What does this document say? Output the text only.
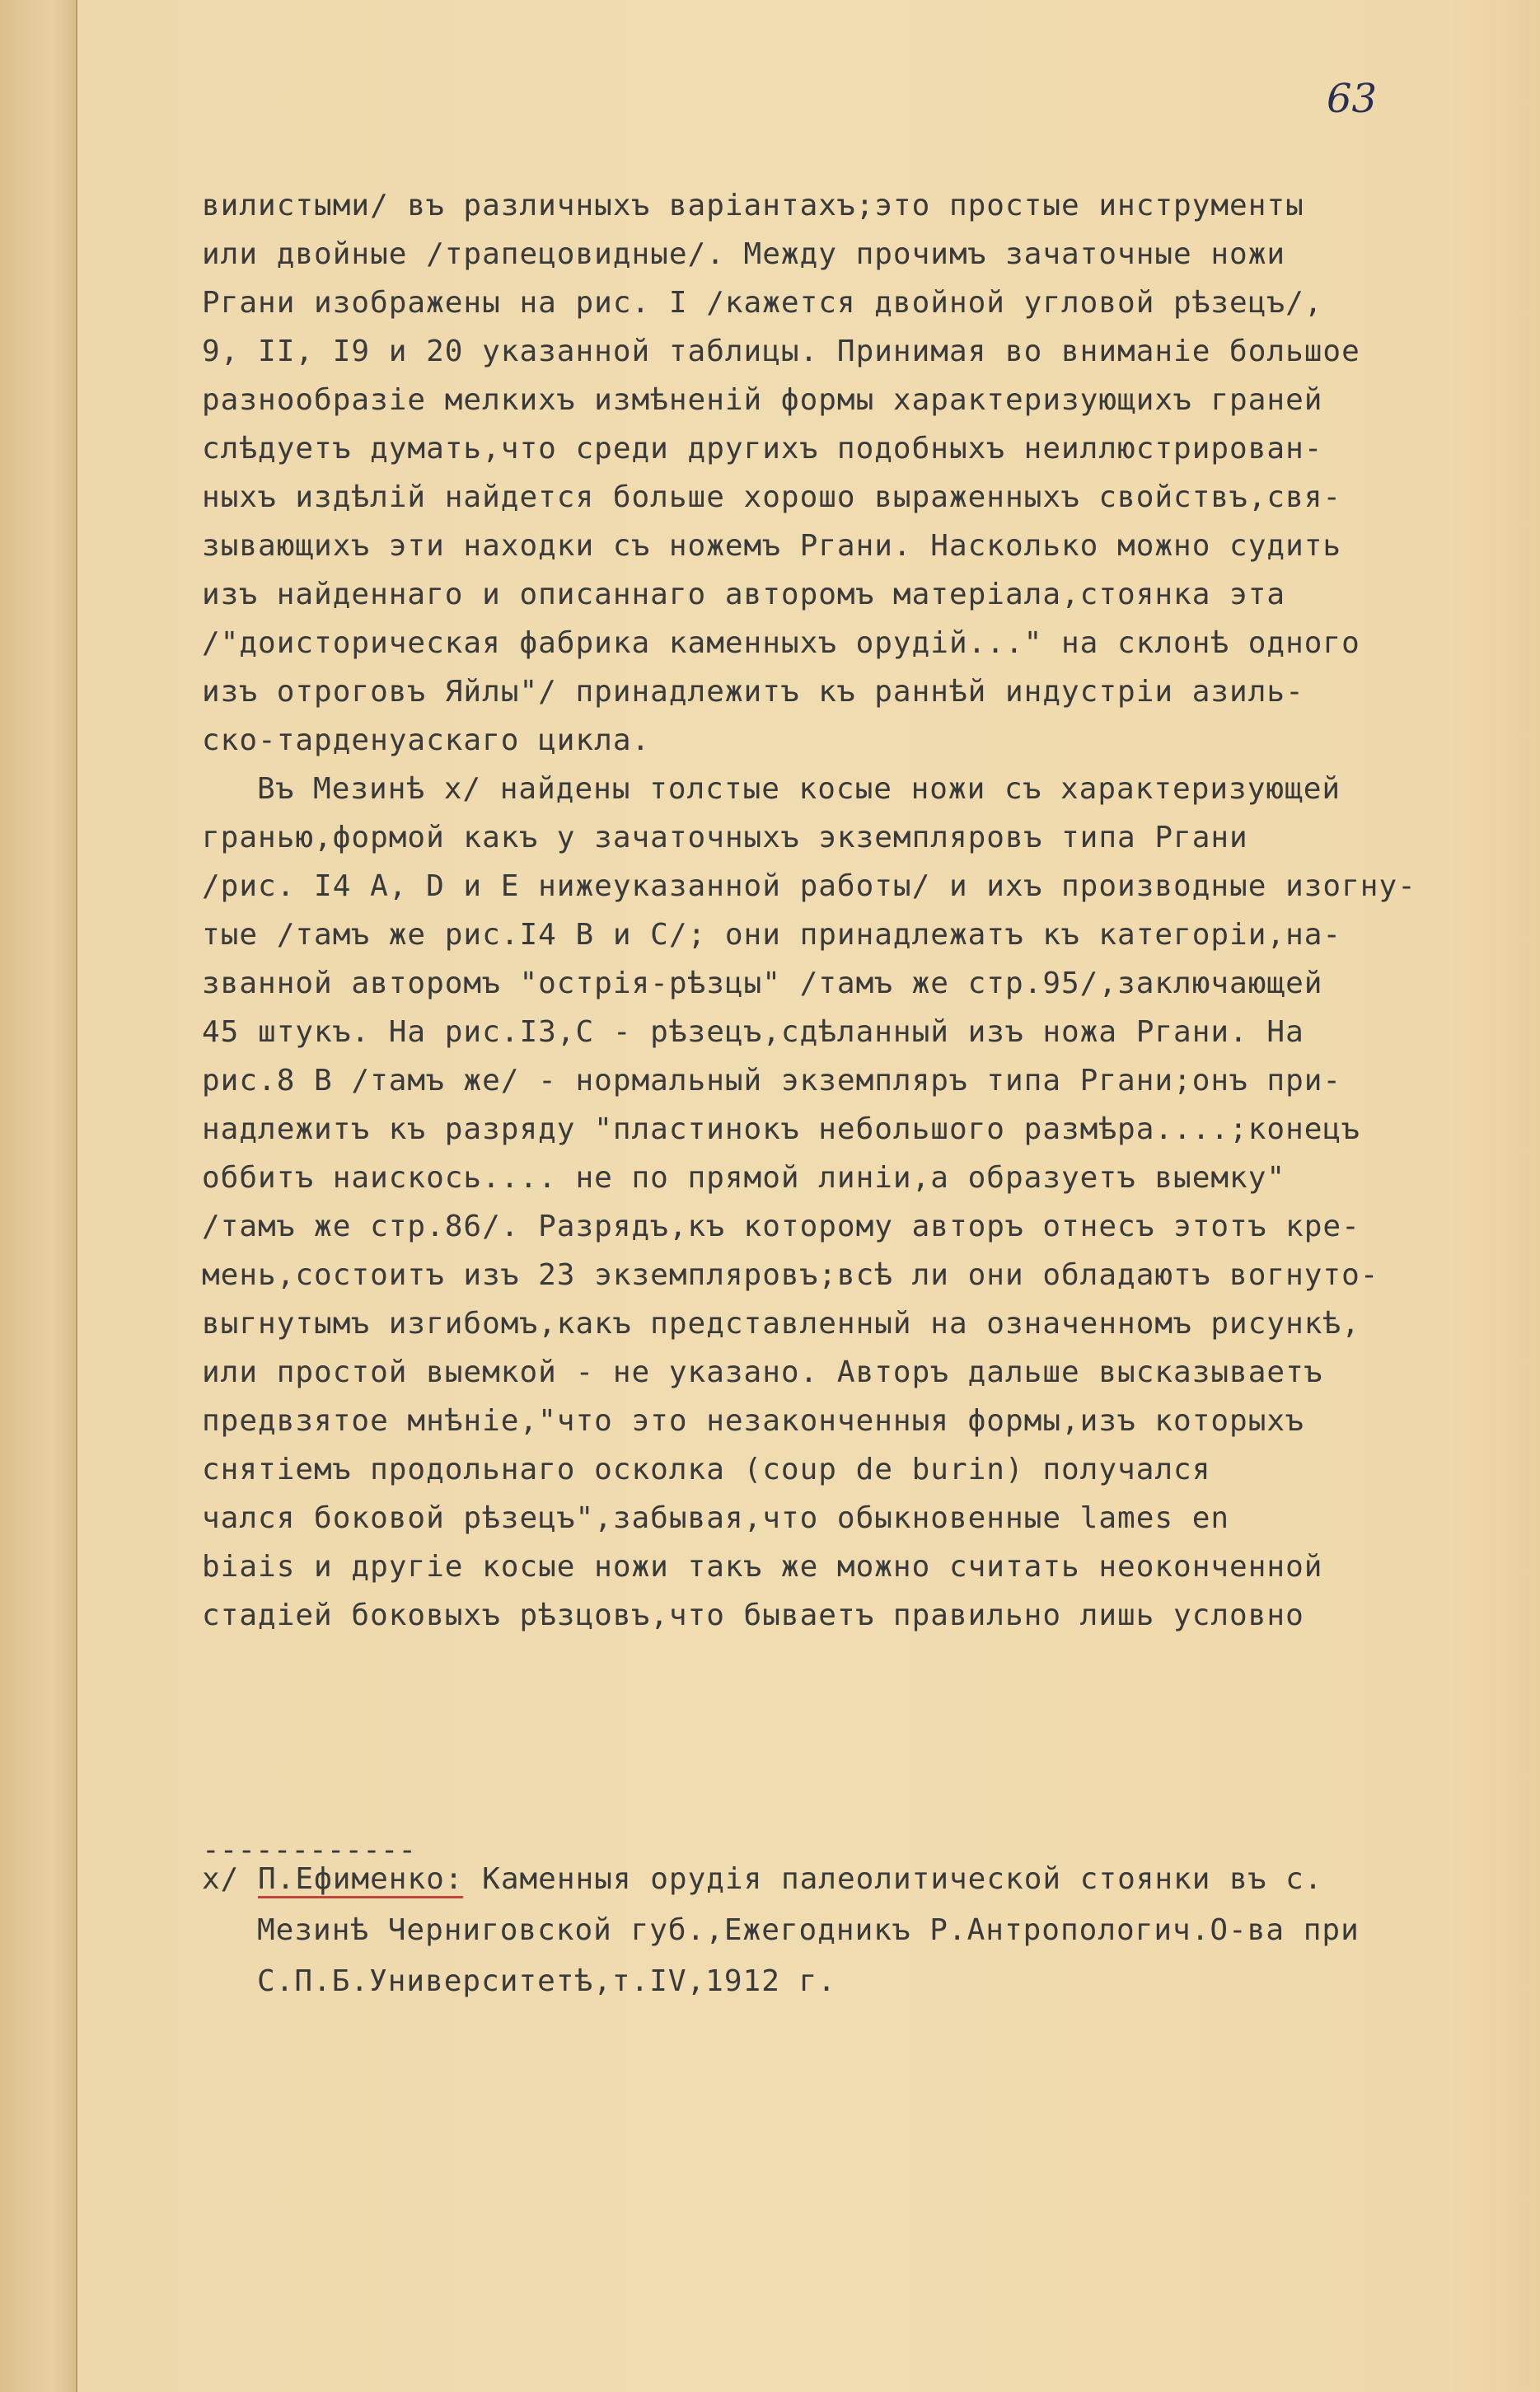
63
вилистыми/ въ различныхъ варiантахъ;это простые инструменты
или двойные /трапецовидные/. Между прочимъ зачаточные ножи
Ргани изображены на рис. I /кажется двойной угловой рѣзецъ/,
9, II, I9 и 20 указанной таблицы. Принимая во вниманiе большое
разнообразiе мелкихъ измѣненiй формы характеризующихъ гранeй
слѣдуетъ думать,что среди другихъ подобныхъ неиллюстрирован-
ныхъ издѣлiй найдется больше хорошо выраженныхъ свойствъ,свя-
зывающихъ эти находки съ ножемъ Ргани. Насколько можно судить
изъ найденнаго и описаннаго авторомъ матерiала,стоянка эта
/"доисторическая фабрика каменныхъ орудiй..." на склонѣ одного
изъ отроговъ Яйлы"/ принадлежитъ къ раннѣй индустрiи азиль-
ско-тарденуаскаго цикла.
Въ Мезинѣ x/ найдены толстые косые ножи съ характеризующей
гранью,формой какъ у зачаточныхъ экземпляровъ типа Ргани
/рис. I4 А, D и Е нижеуказанной работы/ и ихъ производные изогну-
тые /тамъ же рис.I4 В и С/; они принадлежатъ къ категорiи,на-
званной авторомъ "острiя-рѣзцы" /тамъ же стр.95/,заключающей
45 штукъ. На рис.I3,С - рѣзецъ,сдѣланный изъ ножа Ргани. На
рис.8 В /тамъ же/ - нормальный экземпляръ типа Ргани;онъ при-
надлежитъ къ разряду "пластинокъ небольшого размѣра....;конецъ
оббитъ наискось.... не по прямой линiи,а образуетъ выемку"
/тамъ же стр.86/. Разрядъ,къ которому авторъ отнесъ этотъ кре-
мень,состоитъ изъ 23 экземпляровъ;всѣ ли они обладаютъ вогнуто-
выгнутымъ изгибомъ,какъ представленный на означенномъ рисункѣ,
или простой выемкой - не указано. Авторъ дальше высказываетъ
предвзятое мнѣнiе,"что это незаконченныя формы,изъ которыхъ
снятiемъ продольнаго осколка (coup de burin) получался
чался боковой рѣзецъ",забывая,что обыкновенные lames en
biais и другiе косые ножи такъ же можно считать неоконченной
стадiей боковыхъ рѣзцовъ,что бываетъ правильно лишь условно
------------
x/ П.Ефименко: Каменныя орудiя палеолитической стоянки въ с.
Мезинѣ Черниговской губ.,Ежегодникъ Р.Антропологич.О-ва при
С.П.Б.Университетѣ,т.IV,1912 г.
